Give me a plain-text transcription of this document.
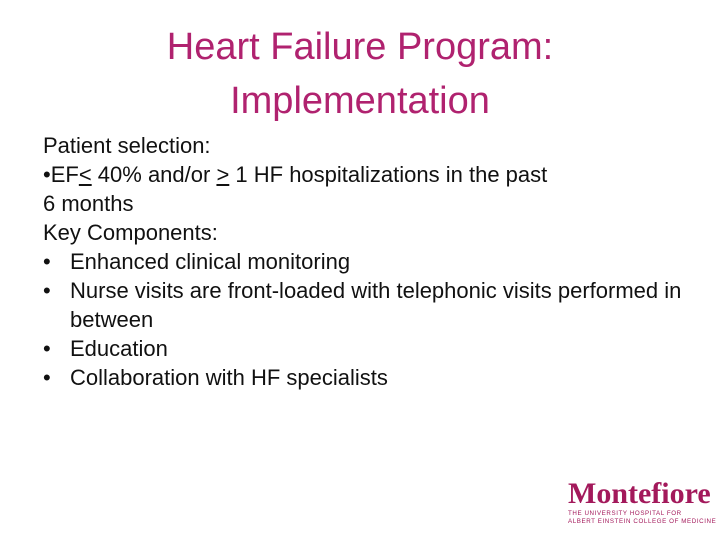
Heart Failure Program:
Implementation
Patient selection:
•EF≤ 40% and/or ≥ 1 HF hospitalizations in the past
6 months
Key Components:
• Enhanced clinical monitoring
• Nurse visits are front-loaded with telephonic visits performed in between
• Education
• Collaboration with HF specialists
Montefiore
THE UNIVERSITY HOSPITAL FOR
ALBERT EINSTEIN COLLEGE OF MEDICINE
